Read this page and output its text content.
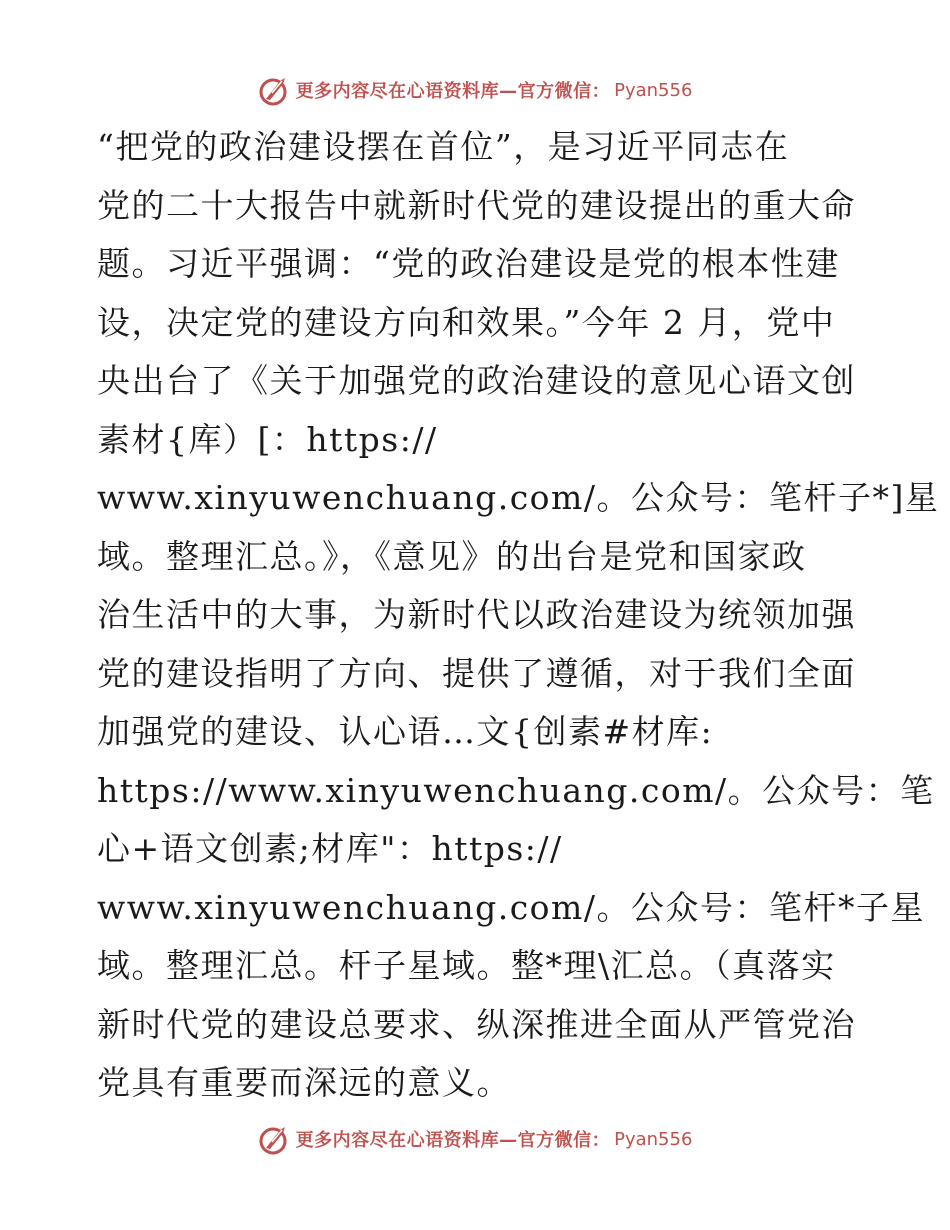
更多内容尽在心语资料库—官方微信： Pyan556
“把党的政治建设摆在首位”，是习近平同志在
党的二十大报告中就新时代党的建设提出的重大命
题。习近平强调：“党的政治建设是党的根本性建
设，决定党的建设方向和效果。”今年 2 月，党中
央出台了《关于加强党的政治建设的意见心语文创
素材{库）[：https://
www.xinyuwenchuang.com/。公众号：笔杆子*]星
域。整理汇总。》，《意见》的出台是党和国家政
治生活中的大事，为新时代以政治建设为统领加强
党的建设指明了方向、提供了遵循，对于我们全面
加强党的建设、认心语…文{创素#材库:
https://www.xinyuwenchuang.com/。公众号：笔
心+语文创素;材库"：https://
www.xinyuwenchuang.com/。公众号：笔杆*子星
域。整理汇总。杆子星域。整*理\汇总。（真落实
新时代党的建设总要求、纵深推进全面从严管党治
党具有重要而深远的意义。
更多内容尽在心语资料库—官方微信： Pyan556
